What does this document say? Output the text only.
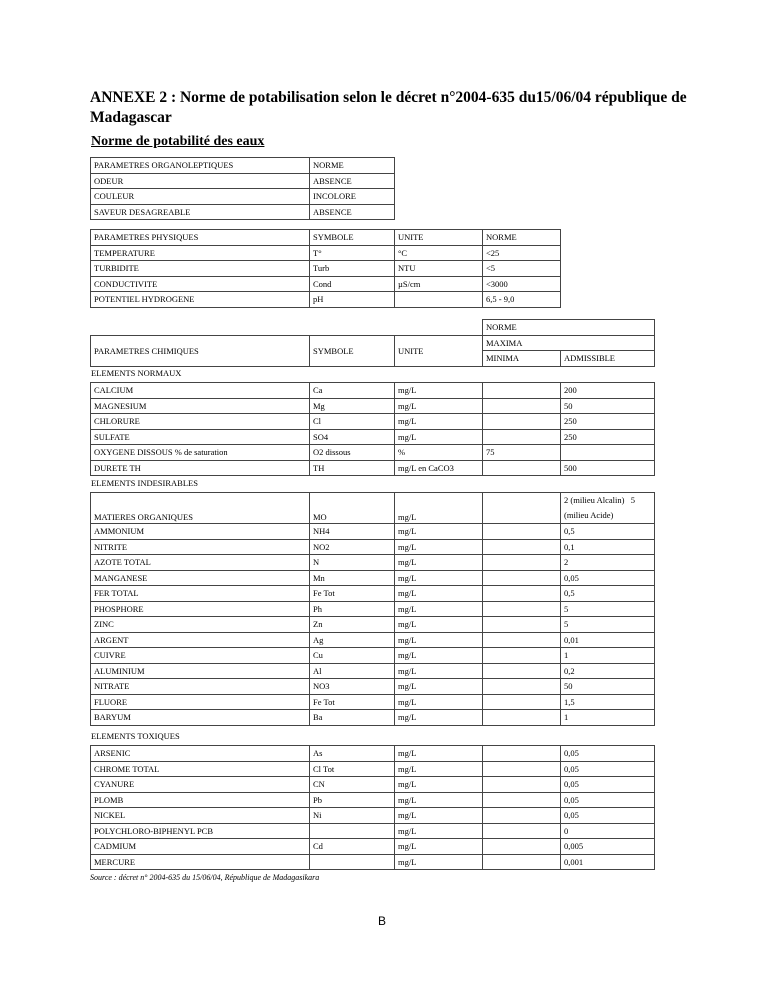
ANNEXE 2 : Norme de potabilisation selon le décret n°2004-635 du15/06/04 république de Madagascar
Norme de potabilité des eaux
PARAMETRES ORGANOLEPTIQUES	NORME
ODEUR	ABSENCE
COULEUR	INCOLORE
SAVEUR DESAGREABLE	ABSENCE
PARAMETRES PHYSIQUES	SYMBOLE	UNITE	NORME
TEMPERATURE	T°	°C	<25
TURBIDITE	Turb	NTU	<5
CONDUCTIVITE	Cond	µS/cm	<3000
POTENTIEL HYDROGENE	pH		6,5 - 9,0
			NORME	
PARAMETRES CHIMIQUES	SYMBOLE	UNITE	MAXIMA	
			MINIMA	ADMISSIBLE
ELEMENTS NORMAUX
CALCIUM	Ca	mg/L		200
MAGNESIUM	Mg	mg/L		50
CHLORURE	Cl	mg/L		250
SULFATE	SO4	mg/L		250
OXYGENE DISSOUS % de saturation	O2 dissous	%	75	
DURETE TH	TH	mg/L en CaCO3		500
ELEMENTS INDESIRABLES
MATIERES ORGANIQUES	MO	mg/L		2 (milieu Alcalin)   5
(milieu Acide)

AMMONIUM	NH4	mg/L		0,5
NITRITE	NO2	mg/L		0,1
AZOTE TOTAL	N	mg/L		2
MANGANESE	Mn	mg/L		0,05
FER TOTAL	Fe Tot	mg/L		0,5
PHOSPHORE	Ph	mg/L		5
ZINC	Zn	mg/L		5
ARGENT	Ag	mg/L		0,01
CUIVRE	Cu	mg/L		1
ALUMINIUM	Al	mg/L		0,2
NITRATE	NO3	mg/L		50
FLUORE	Fe Tot	mg/L		1,5
BARYUM	Ba	mg/L		1
ELEMENTS TOXIQUES
ARSENIC	As	mg/L		0,05
CHROME TOTAL	Cl Tot	mg/L		0,05
CYANURE	CN	mg/L		0,05
PLOMB	Pb	mg/L		0,05
NICKEL	Ni	mg/L		0,05
POLYCHLORO-BIPHENYL PCB		mg/L		0
CADMIUM	Cd	mg/L		0,005
MERCURE		mg/L		0,001
Source : décret n° 2004-635 du 15/06/04, République de Madagasikara
B
